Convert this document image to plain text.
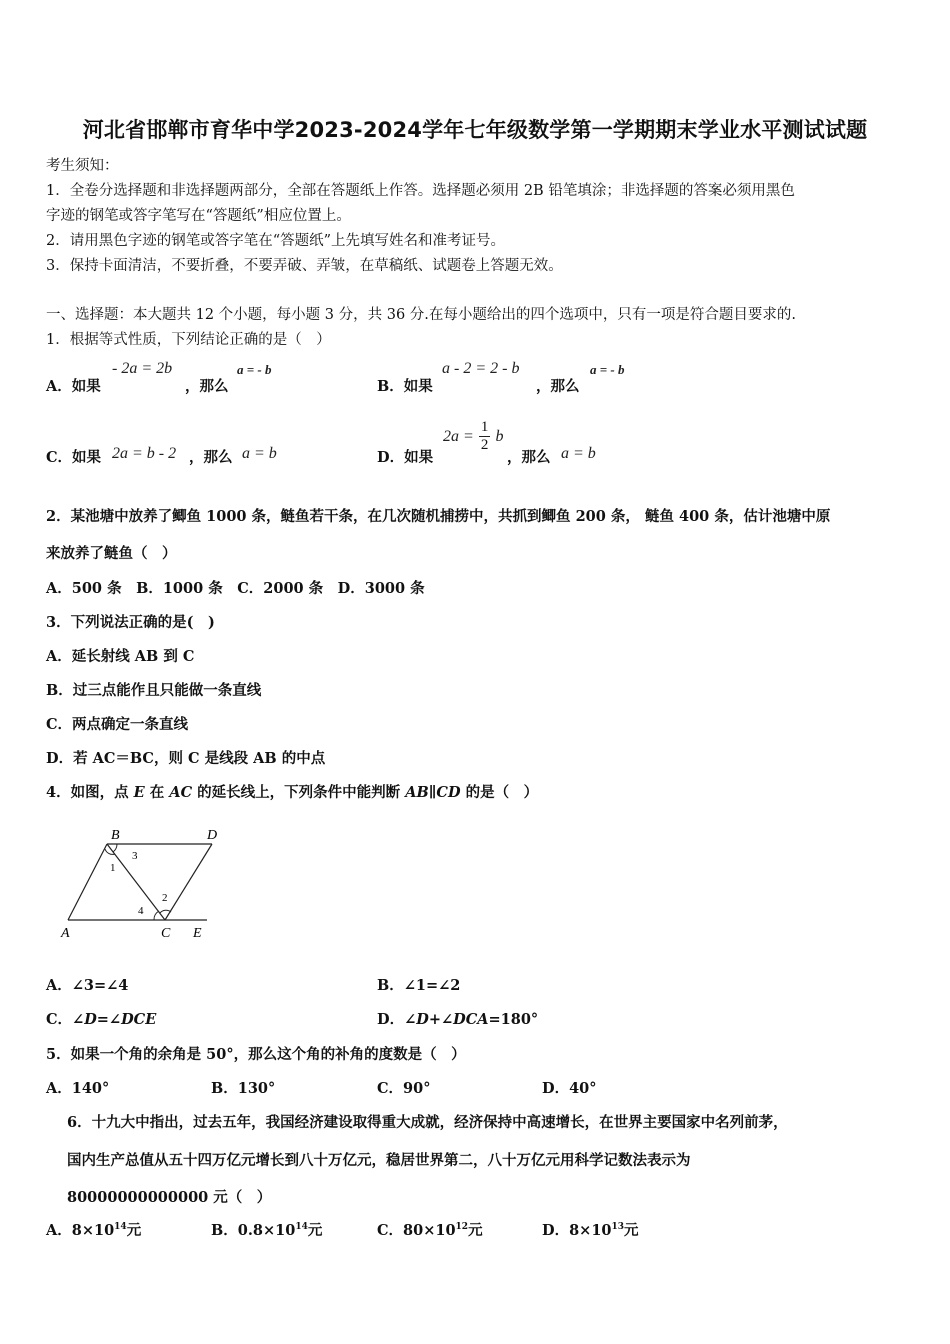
河北省邯郸市育华中学2023-2024学年七年级数学第一学期期末学业水平测试试题
考生须知：
1．全卷分选择题和非选择题两部分，全部在答题纸上作答。选择题必须用 2B 铅笔填涂；非选择题的答案必须用黑色
字迹的钢笔或答字笔写在“答题纸”相应位置上。
2．请用黑色字迹的钢笔或答字笔在“答题纸”上先填写姓名和准考证号。
3．保持卡面清洁，不要折叠，不要弄破、弄皱，在草稿纸、试题卷上答题无效。
一、选择题：本大题共 12 个小题，每小题 3 分，共 36 分.在每小题给出的四个选项中，只有一项是符合题目要求的.
1．根据等式性质，下列结论正确的是（　）
A．如果
- 2a = 2b
，那么
a = - b
B．如果
a - 2 = 2 - b
，那么
a = - b
C．如果 2a = b - 2 ，那么 a = b	D．如果
$2a = \frac{1}{2}$ b
，那么 a = b
2．某池塘中放养了鲫鱼 1000 条，鲢鱼若干条，在几次随机捕捞中，共抓到鲫鱼 200 条， 鲢鱼 400 条，估计池塘中原
来放养了鲢鱼（　）
A．500 条　B．1000 条　C．2000 条　D．3000 条
3．下列说法正确的是(　)
A．延长射线 AB 到 C
B．过三点能作且只能做一条直线
C．两点确定一条直线
D．若 AC＝BC，则 C 是线段 AB 的中点
4．如图，点 E 在 AC 的延长线上，下列条件中能判断 AB∥CD 的是（　）
B	D
A	C E
1
3
2
4
A．∠3=∠4	B．∠1=∠2
C．∠D=∠DCE	D．∠D+∠DCA=180°
5．如果一个角的余角是 50°，那么这个角的补角的度数是（　）
A．140°	B．130°	C．90°	D．40°
6．十九大中指出，过去五年，我国经济建设取得重大成就，经济保持中高速增长，在世界主要国家中名列前茅，
国内生产总值从五十四万亿元增长到八十万亿元，稳居世界第二，八十万亿元用科学记数法表示为
80000000000000 元（　）
A．$8\times 10^{14}$元	B．$0.8\times 10^{14}$元	C．$80\times 10^{12}$元	D．$8\times 10^{13}$元
